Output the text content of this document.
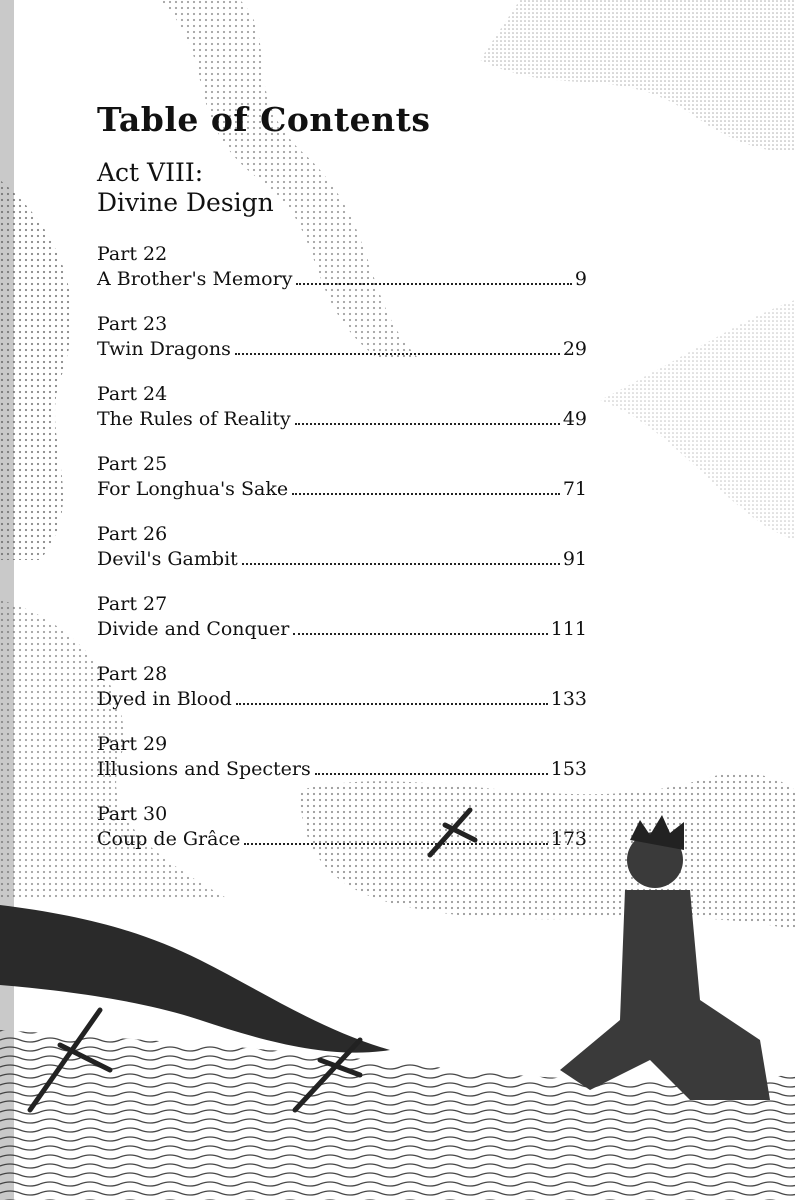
Table of Contents
Act VIII:
Divine Design
Part 22
A Brother's Memory	9
Part 23
Twin Dragons	29
Part 24
The Rules of Reality	49
Part 25
For Longhua's Sake	71
Part 26
Devil's Gambit	91
Part 27
Divide and Conquer	111
Part 28
Dyed in Blood	133
Part 29
Illusions and Specters	153
Part 30
Coup de Grâce	173
